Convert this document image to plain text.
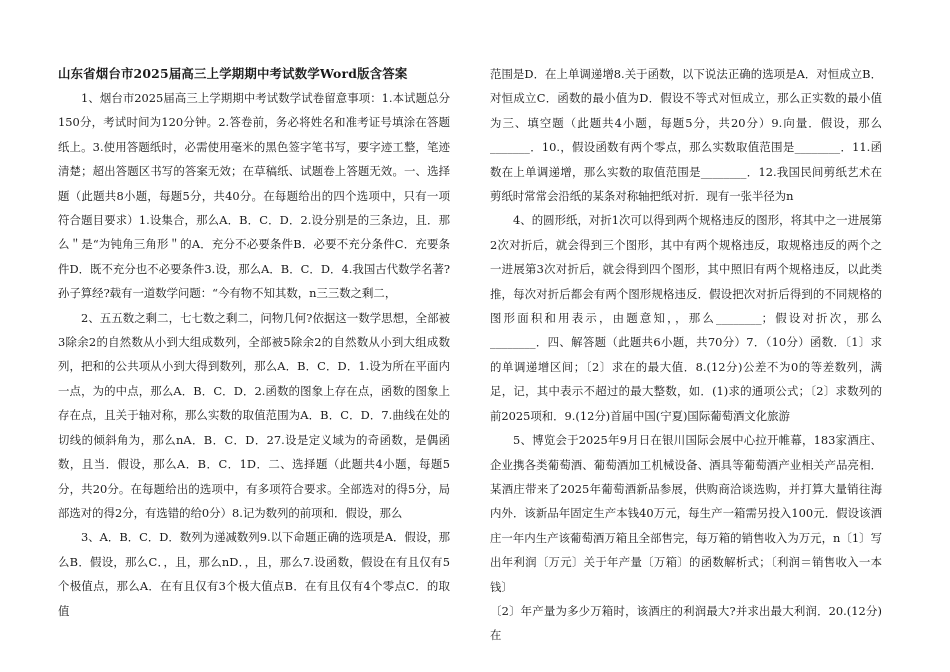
山东省烟台市2025届高三上学期期中考试数学Word版含答案

1、烟台市2025届高三上学期期中考试数学试卷留意事项：1.本试题总分150分，考试时间为120分钟。2.答卷前，务必将姓名和准考证号填涂在答题纸上。3.使用答题纸时，必需使用毫米的黑色签字笔书写，要字迹工整，笔迹清楚；超出答题区书写的答案无效；在草稿纸、试题卷上答题无效。一、选择题（此题共8小题，每题5分，共40分。在每题给出的四个选项中，只有一项符合题目要求）1.设集合，那么A．B．C．D．2.设分别是的三条边，且．那么＂是“为钝角三角形＂的A．充分不必要条件B．必要不充分条件C．充要条件D．既不充分也不必要条件3.设，那么A．B．C．D．4.我国古代数学名著?孙子算经?载有一道数学问题：“今有物不知其数，n三三数之剩二，

2、五五数之剩二，七七数之剩二，问物几何?依据这一数学思想，全部被3除余2的自然数从小到大组成数列，全部被5除余2的自然数从小到大组成数列，把和的公共项从小到大得到数列，那么A．B．C．D．1.设为所在平面内一点，为的中点，那么A．B．C．D．2.函数的图象上存在点，函数的图象上存在点，且关于轴对称，那么实数的取值范围为A．B．C．D．7.曲线在处的切线的倾斜角为，那么nA．B．C．D．27.设是定义域为的奇函数，是偶函数，且当．假设，那么A．B．C．1D．二、选择题（此题共4小题，每题5分，共20分。在每题给出的选项中，有多项符合要求。全部选对的得5分，局部选对的得2分，有选错的给0分）8.记为数列的前项和．假设，那么

3、A．B．C．D．数列为递减数列9.以下命题正确的选项是A．假设，那么B．假设，那么C．，且，那么nD．，且，那么7.设函数，假设在有且仅有5个极值点，那么A．在有且仅有3个极大值点B．在有且仅有4个零点C．的取值

范围是D．在上单调递增8.关于函数，以下说法正确的选项是A．对恒成立B．对恒成立C．函数的最小值为D．假设不等式对恒成立，那么正实数的最小值为三、填空题（此题共4小题，每题5分，共20分）9.向量．假设，那么_______．10.，假设函数有两个零点，那么实数取值范围是________．11.函数在上单调递增，那么实数的取值范围是________．12.我国民间剪纸艺术在剪纸时常常会沿纸的某条对称轴把纸对折．现有一张半径为n

4、的圆形纸，对折1次可以得到两个规格违反的图形，将其中之一进展第2次对折后，就会得到三个图形，其中有两个规格违反，取规格违反的两个之一进展第3次对折后，就会得到四个图形，其中照旧有两个规格违反，以此类推，每次对折后都会有两个图形规格违反．假设把次对折后得到的不同规格的图形面积和用表示，由题意知，，那么________；假设对折次，那么________．四、解答题（此题共6小题，共70分）7．（10分）函数．〔1〕求的单调递增区间；〔2〕求在的最大值．8.(12分)公差不为0的等差数列，满足，记，其中表示不超过的最大整数，如．(1)求的通项公式；〔2〕求数列的前2025项和．9.(12分)首届中国(宁夏)国际葡萄酒文化旅游

5、博览会于2025年9月日在银川国际会展中心拉开帷幕，183家酒庄、企业携各类葡萄酒、葡萄酒加工机械设备、酒具等葡萄酒产业相关产品亮相．某酒庄带来了2025年葡萄酒新品参展，供购商洽谈选购，并打算大量销往海内外．该新品年固定生产本钱40万元，每生产一箱需另投入100元．假设该酒庄一年内生产该葡萄酒万箱且全部售完，每万箱的销售收入为万元，n〔1〕写出年利润〔万元〕关于年产量〔万箱〕的函数解析式；〔利润＝销售收入一本钱〕

〔2〕年产量为多少万箱时，该酒庄的利润最大?并求出最大利润．20.(12分)在
